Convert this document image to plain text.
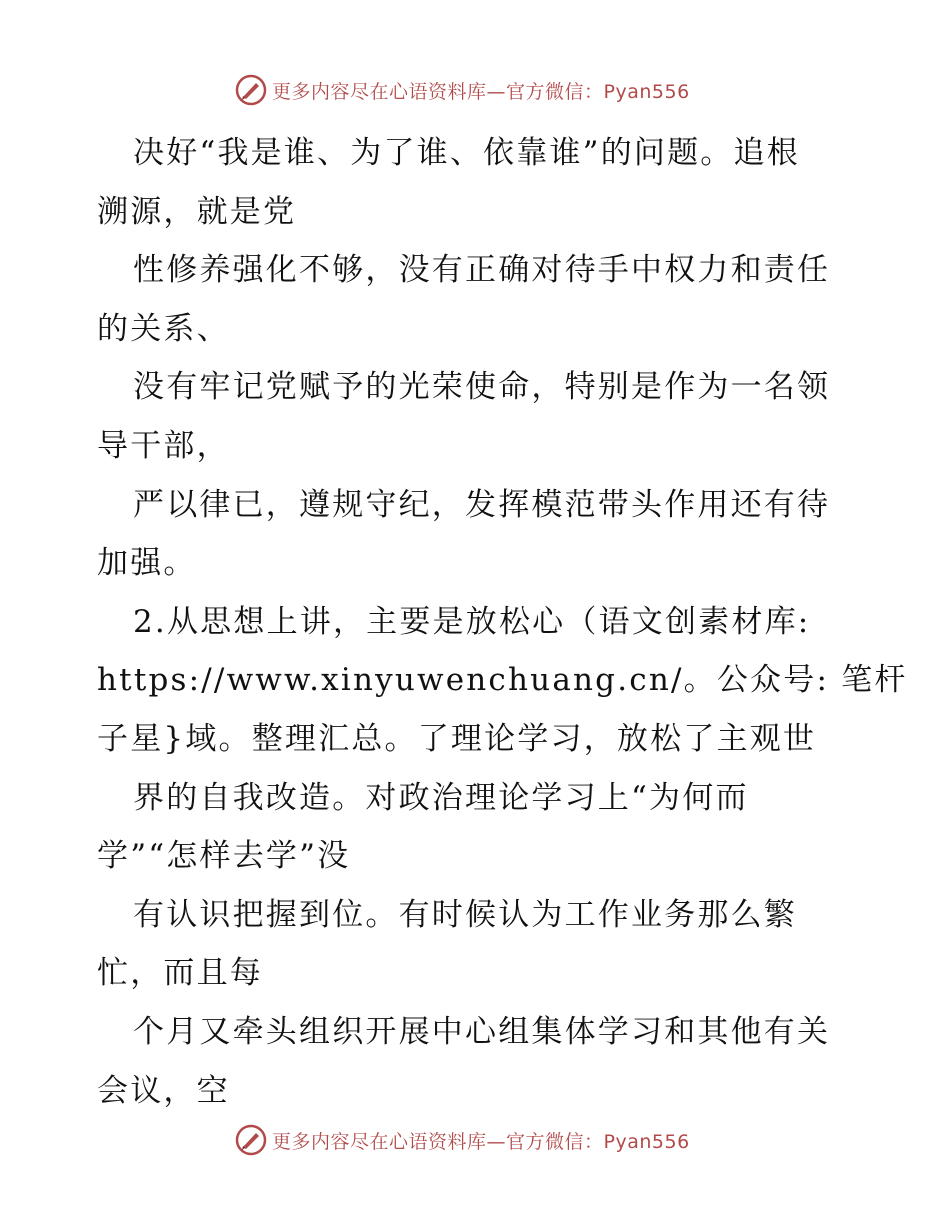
更多内容尽在心语资料库—官方微信：Pyan556
决好“我是谁、为了谁、依靠谁”的问题。追根
溯源，就是党
性修养强化不够，没有正确对待手中权力和责任
的关系、
没有牢记党赋予的光荣使命，特别是作为一名领
导干部，
严以律已，遵规守纪，发挥模范带头作用还有待
加强。
2.从思想上讲，主要是放松心（语文创素材库:
https://www.xinyuwenchuang.cn/。公众号: 笔杆
子星}域。整理汇总。了理论学习，放松了主观世
界的自我改造。对政治理论学习上“为何而
学”“怎样去学”没
有认识把握到位。有时候认为工作业务那么繁
忙，而且每
个月又牵头组织开展中心组集体学习和其他有关
会议，空
更多内容尽在心语资料库—官方微信：Pyan556
